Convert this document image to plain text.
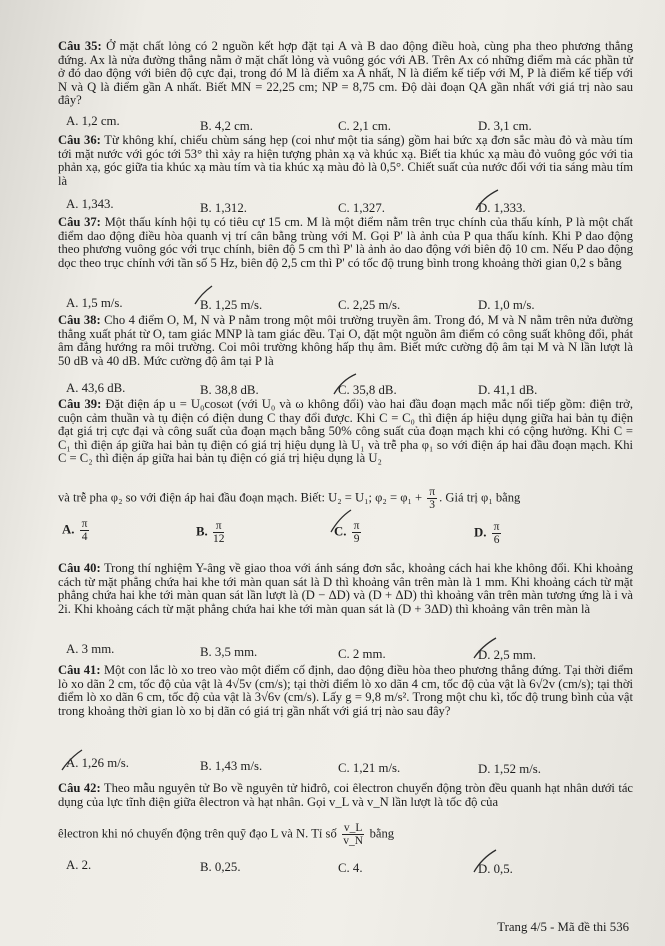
Câu 35: Ở mặt chất lỏng có 2 nguồn kết hợp đặt tại A và B dao động điều hoà, cùng pha theo phương thẳng đứng. Ax là nửa đường thẳng nằm ở mặt chất lỏng và vuông góc với AB. Trên Ax có những điểm mà các phần tử ở đó dao động với biên độ cực đại, trong đó M là điểm xa A nhất, N là điểm kế tiếp với M, P là điểm kế tiếp với N và Q là điểm gần A nhất. Biết MN = 22,25 cm; NP = 8,75 cm. Độ dài đoạn QA gần nhất với giá trị nào sau đây?
A. 1,2 cm.	B. 4,2 cm.	C. 2,1 cm.	D. 3,1 cm.
Câu 36: Từ không khí, chiếu chùm sáng hẹp (coi như một tia sáng) gồm hai bức xạ đơn sắc màu đỏ và màu tím tới mặt nước với góc tới 53° thì xảy ra hiện tượng phản xạ và khúc xạ. Biết tia khúc xạ màu đỏ vuông góc với tia phản xạ, góc giữa tia khúc xạ màu tím và tia khúc xạ màu đỏ là 0,5°. Chiết suất của nước đối với tia sáng màu tím là
A. 1,343.	B. 1,312.	C. 1,327.	D. 1,333.
Câu 37: Một thấu kính hội tụ có tiêu cự 15 cm. M là một điểm nằm trên trục chính của thấu kính, P là một chất điểm dao động điều hòa quanh vị trí cân bằng trùng với M. Gọi P' là ảnh của P qua thấu kính. Khi P dao động theo phương vuông góc với trục chính, biên độ 5 cm thì P' là ảnh ảo dao động với biên độ 10 cm. Nếu P dao động dọc theo trục chính với tần số 5 Hz, biên độ 2,5 cm thì P' có tốc độ trung bình trong khoảng thời gian 0,2 s bằng
A. 1,5 m/s.	B. 1,25 m/s.	C. 2,25 m/s.	D. 1,0 m/s.
Câu 38: Cho 4 điểm O, M, N và P nằm trong một môi trường truyền âm. Trong đó, M và N nằm trên nửa đường thẳng xuất phát từ O, tam giác MNP là tam giác đều. Tại O, đặt một nguồn âm điểm có công suất không đổi, phát âm đẳng hướng ra môi trường. Coi môi trường không hấp thụ âm. Biết mức cường độ âm tại M và N lần lượt là 50 dB và 40 dB. Mức cường độ âm tại P là
A. 43,6 dB.	B. 38,8 dB.	C. 35,8 dB.	D. 41,1 dB.
Câu 39: Đặt điện áp u = U₀cosωt (với U₀ và ω không đổi) vào hai đầu đoạn mạch mắc nối tiếp gồm: điện trở, cuộn cảm thuần và tụ điện có điện dung C thay đổi được. Khi C = C₀ thì điện áp hiệu dụng giữa hai bản tụ điện đạt giá trị cực đại và công suất của đoạn mạch bằng 50% công suất của đoạn mạch khi có cộng hưởng. Khi C = C₁ thì điện áp giữa hai bản tụ điện có giá trị hiệu dụng là U₁ và trễ pha φ₁ so với điện áp hai đầu đoạn mạch. Khi C = C₂ thì điện áp giữa hai bản tụ điện có giá trị hiệu dụng là U₂
và trễ pha φ₂ so với điện áp hai đầu đoạn mạch. Biết: U₂ = U₁; $\varphi_2 = \varphi_1 + \frac{\pi}{3}$ . Giá trị φ₁ bằng
A. $\frac{\pi}{4}$	B. $\frac{\pi}{12}$	C. $\frac{\pi}{9}$	D. $\frac{\pi}{6}$
Câu 40: Trong thí nghiệm Y-âng về giao thoa với ánh sáng đơn sắc, khoảng cách hai khe không đổi. Khi khoảng cách từ mặt phẳng chứa hai khe tới màn quan sát là D thì khoảng vân trên màn là 1 mm. Khi khoảng cách từ mặt phẳng chứa hai khe tới màn quan sát lần lượt là (D − ΔD) và (D + ΔD) thì khoảng vân trên màn tương ứng là i và 2i. Khi khoảng cách từ mặt phẳng chứa hai khe tới màn quan sát là (D + 3ΔD) thì khoảng vân trên màn là
A. 3 mm.	B. 3,5 mm.	C. 2 mm.	D. 2,5 mm.
Câu 41: Một con lắc lò xo treo vào một điểm cố định, dao động điều hòa theo phương thẳng đứng. Tại thời điểm lò xo dãn 2 cm, tốc độ của vật là 4√5v (cm/s); tại thời điểm lò xo dãn 4 cm, tốc độ của vật là 6√2v (cm/s); tại thời điểm lò xo dãn 6 cm, tốc độ của vật là 3√6v (cm/s). Lấy g = 9,8 m/s². Trong một chu kì, tốc độ trung bình của vật trong khoảng thời gian lò xo bị dãn có giá trị gần nhất với giá trị nào sau đây?
A. 1,26 m/s.	B. 1,43 m/s.	C. 1,21 m/s.	D. 1,52 m/s.
Câu 42: Theo mẫu nguyên tử Bo về nguyên tử hiđrô, coi êlectron chuyển động tròn đều quanh hạt nhân dưới tác dụng của lực tĩnh điện giữa êlectron và hạt nhân. Gọi v_L và v_N lần lượt là tốc độ của
êlectron khi nó chuyển động trên quỹ đạo L và N. Tỉ số $\frac{v\_L}{v\_N}$ bằng
A. 2.	B. 0,25.	C. 4.	D. 0,5.
Trang 4/5 - Mã đề thi 536
